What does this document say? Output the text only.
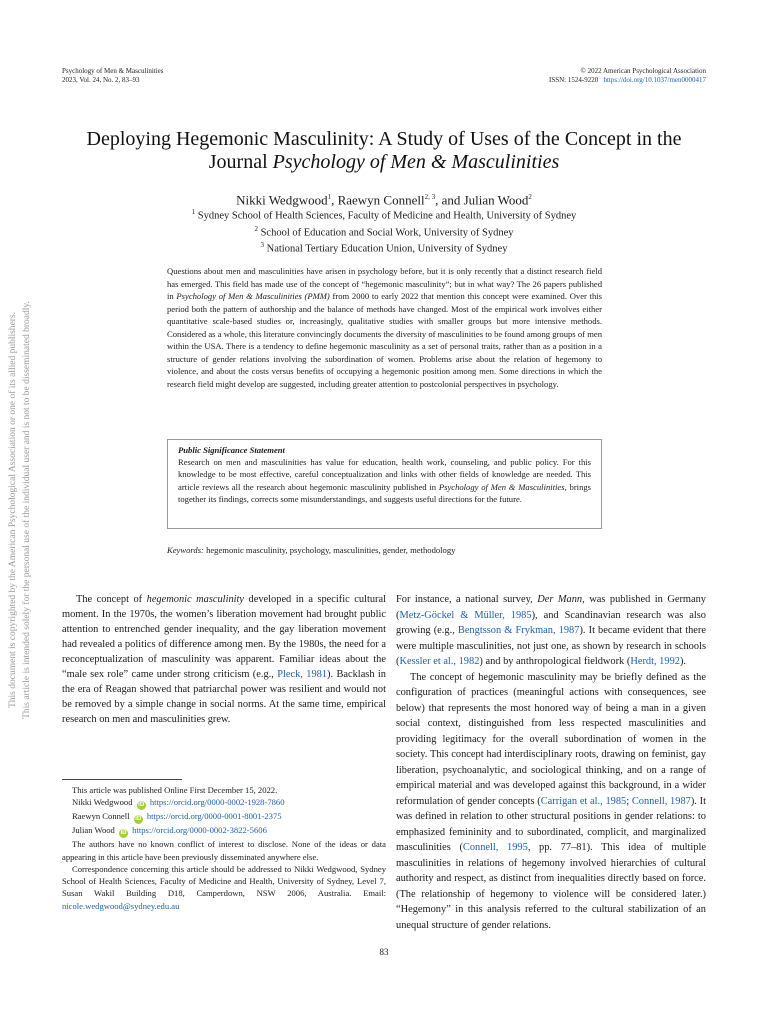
Psychology of Men & Masculinities
2023, Vol. 24, No. 2, 83–93
© 2022 American Psychological Association
ISSN: 1524-9220 https://doi.org/10.1037/men0000417
This document is copyrighted by the American Psychological Association or one of its allied publishers. This article is intended solely for the personal use of the individual user and is not to be disseminated broadly.
Deploying Hegemonic Masculinity: A Study of Uses of the Concept in the
Journal Psychology of Men & Masculinities
Nikki Wedgwood$^1$, Raewyn Connell$^{2, 3}$, and Julian Wood$^2$
$^1$ Sydney School of Health Sciences, Faculty of Medicine and Health, University of Sydney
$^2$ School of Education and Social Work, University of Sydney
$^3$ National Tertiary Education Union, University of Sydney
Questions about men and masculinities have arisen in psychology before, but it is only recently that a distinct research field has emerged. This field has made use of the concept of “hegemonic masculinity”; but in what way? The 26 papers published in Psychology of Men & Masculinities (PMM) from 2000 to early 2022 that mention this concept were examined. Over this period both the pattern of authorship and the balance of methods have changed. Most of the empirical work involves either quantitative scale-based studies or, increasingly, qualitative studies with smaller groups but more intensive methods. Considered as a whole, this literature convincingly documents the diversity of masculinities to be found among groups of men within the USA. There is a tendency to define hegemonic masculinity as a set of personal traits, rather than as a position in a structure of gender relations involving the subordination of women. Problems arise about the relation of hegemony to violence, and about the costs versus benefits of occupying a hegemonic position among men. Some directions in which the research field might develop are suggested, including greater attention to postcolonial perspectives in psychology.
Public Significance Statement
Research on men and masculinities has value for education, health work, counseling, and public policy. For this knowledge to be most effective, careful conceptualization and links with other fields of knowledge are needed. This article reviews all the research about hegemonic masculinity published in Psychology of Men & Masculinities, brings together its findings, corrects some misunderstandings, and suggests useful directions for the future.
Keywords: hegemonic masculinity, psychology, masculinities, gender, methodology

The concept of hegemonic masculinity developed in a specific cultural moment. In the 1970s, the women’s liberation movement had brought public attention to entrenched gender inequality, and the gay liberation movement had revealed a politics of difference among men. By the 1980s, the need for a reconceptualization of masculinity was apparent. Familiar ideas about the “male sex role” came under strong criticism (e.g., Pleck, 1981). Backlash in the era of Reagan showed that patriarchal power was resilient and would not be removed by a simple change in social norms. At the same time, empirical research on men and masculinities grew.

This article was published Online First December 15, 2022.

Nikki Wedgwood iD https://orcid.org/0000-0002-1928-7860
Raewyn Connell iD https://orcid.org/0000-0001-8001-2375
Julian Wood iD https://orcid.org/0000-0002-3822-5606

The authors have no known conflict of interest to disclose. None of the ideas or data appearing in this article have been previously disseminated anywhere else.

Correspondence concerning this article should be addressed to Nikki Wedgwood, Sydney School of Health Sciences, Faculty of Medicine and Health, University of Sydney, Level 7, Susan Wakil Building D18, Camperdown, NSW 2006, Australia. Email: nicole.wedgwood@sydney.edu.au

For instance, a national survey, Der Mann, was published in Germany (Metz-Göckel & Müller, 1985), and Scandinavian research was also growing (e.g., Bengtsson & Frykman, 1987). It became evident that there were multiple masculinities, not just one, as shown by research in schools (Kessler et al., 1982) and by anthropological fieldwork (Herdt, 1992).

The concept of hegemonic masculinity may be briefly defined as the configuration of practices (meaningful actions with consequences, see below) that represents the most honored way of being a man in a given social context, distinguished from less respected masculinities and providing legitimacy for the overall subordination of women in the society. This concept had interdisciplinary roots, drawing on feminist, gay liberation, psychoanalytic, and sociological thinking, and on a range of empirical material and was developed against this background, in a wider reformulation of gender concepts (Carrigan et al., 1985; Connell, 1987). It was defined in relation to other structural positions in gender relations: to emphasized femininity and to subordinated, complicit, and marginalized masculinities (Connell, 1995, pp. 77–81). This idea of multiple masculinities in relations of hegemony involved hierarchies of cultural authority and respect, as distinct from inequalities directly based on force. (The relationship of hegemony to violence will be considered later.) “Hegemony” in this analysis referred to the cultural stabilization of an unequal structure of gender relations.

83
